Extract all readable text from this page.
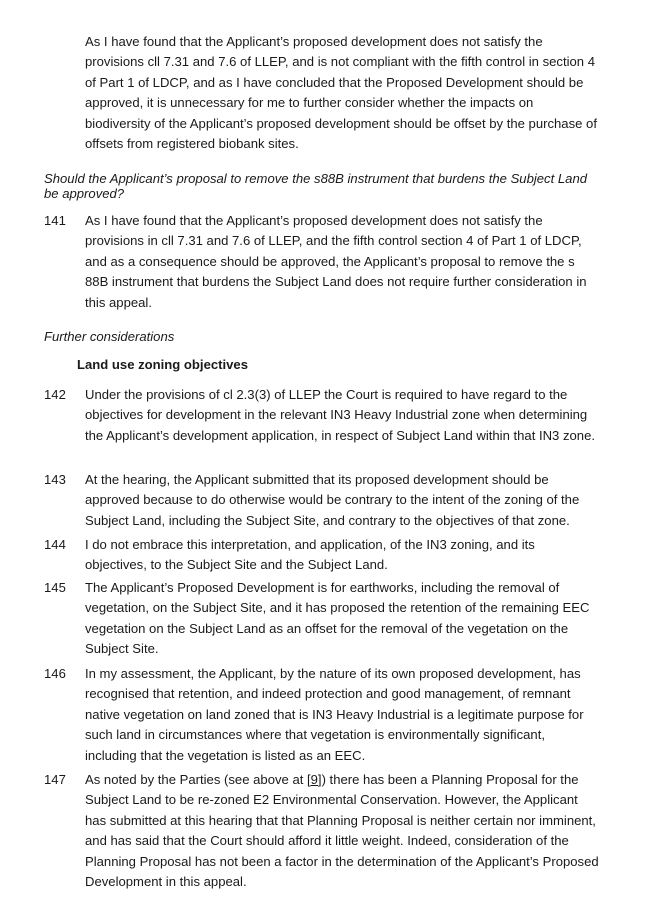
As I have found that the Applicant’s proposed development does not satisfy the provisions cll 7.31 and 7.6 of LLEP, and is not compliant with the fifth control in section 4 of Part 1 of LDCP, and as I have concluded that the Proposed Development should be approved, it is unnecessary for me to further consider whether the impacts on biodiversity of the Applicant’s proposed development should be offset by the purchase of offsets from registered biobank sites.
Should the Applicant’s proposal to remove the s88B instrument that burdens the Subject Land be approved?
141	As I have found that the Applicant’s proposed development does not satisfy the provisions in cll 7.31 and 7.6 of LLEP, and the fifth control section 4 of Part 1 of LDCP, and as a consequence should be approved, the Applicant’s proposal to remove the s 88B instrument that burdens the Subject Land does not require further consideration in this appeal.
Further considerations
Land use zoning objectives
142	Under the provisions of cl 2.3(3) of LLEP the Court is required to have regard to the objectives for development in the relevant IN3 Heavy Industrial zone when determining the Applicant’s development application, in respect of Subject Land within that IN3 zone.
143	At the hearing, the Applicant submitted that its proposed development should be approved because to do otherwise would be contrary to the intent of the zoning of the Subject Land, including the Subject Site, and contrary to the objectives of that zone.
144	I do not embrace this interpretation, and application, of the IN3 zoning, and its objectives, to the Subject Site and the Subject Land.
145	The Applicant’s Proposed Development is for earthworks, including the removal of vegetation, on the Subject Site, and it has proposed the retention of the remaining EEC vegetation on the Subject Land as an offset for the removal of the vegetation on the Subject Site.
146	In my assessment, the Applicant, by the nature of its own proposed development, has recognised that retention, and indeed protection and good management, of remnant native vegetation on land zoned that is IN3 Heavy Industrial is a legitimate purpose for such land in circumstances where that vegetation is environmentally significant, including that the vegetation is listed as an EEC.
147	As noted by the Parties (see above at [9]) there has been a Planning Proposal for the Subject Land to be re-zoned E2 Environmental Conservation. However, the Applicant has submitted at this hearing that that Planning Proposal is neither certain nor imminent, and has said that the Court should afford it little weight. Indeed, consideration of the Planning Proposal has not been a factor in the determination of the Applicant’s Proposed Development in this appeal.
